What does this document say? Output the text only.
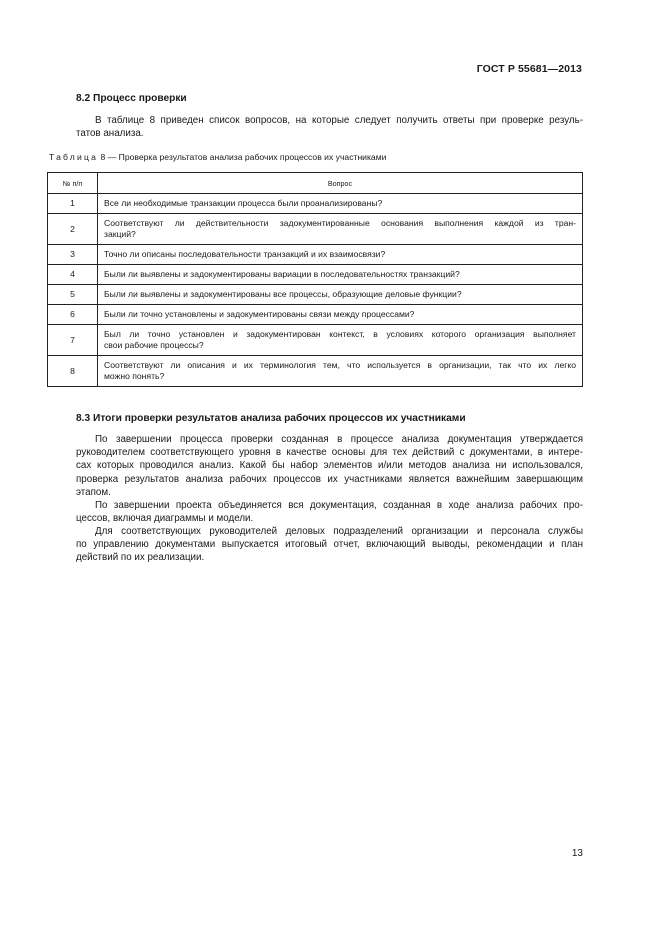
ГОСТ Р 55681—2013
8.2 Процесс проверки
В таблице 8 приведен список вопросов, на которые следует получить ответы при проверке резуль-
татов анализа.
Таблица 8 — Проверка результатов анализа рабочих процессов их участниками
№ п/п	Вопрос
1	Все ли необходимые транзакции процесса были проанализированы?

2	Соответствуют ли действительности задокументированные основания выполнения каждой из тран-
закций?

3	Точно ли описаны последовательности транзакций и их взаимосвязи?

4	Были ли выявлены и задокументированы вариации в последовательностях транзакций?

5	Были ли выявлены и задокументированы все процессы, образующие деловые функции?

6	Были ли точно установлены и задокументированы связи между процессами?

7	Был ли точно установлен и задокументирован контекст, в условиях которого организация выполняет
свои рабочие процессы?

8	Соответствуют ли описания и их терминология тем, что используется в организации, так что их легко
можно понять?
8.3 Итоги проверки результатов анализа рабочих процессов их участниками
По завершении процесса проверки созданная в процессе анализа документация утверждается
руководителем соответствующего уровня в качестве основы для тех действий с документами, в интере-
сах которых проводился анализ. Какой бы набор элементов и/или методов анализа ни использовался,
проверка результатов анализа рабочих процессов их участниками является важнейшим завершающим
этапом.
По завершении проекта объединяется вся документация, созданная в ходе анализа рабочих про-
цессов, включая диаграммы и модели.
Для соответствующих руководителей деловых подразделений организации и персонала службы
по управлению документами выпускается итоговый отчет, включающий выводы, рекомендации и план
действий по их реализации.
13
